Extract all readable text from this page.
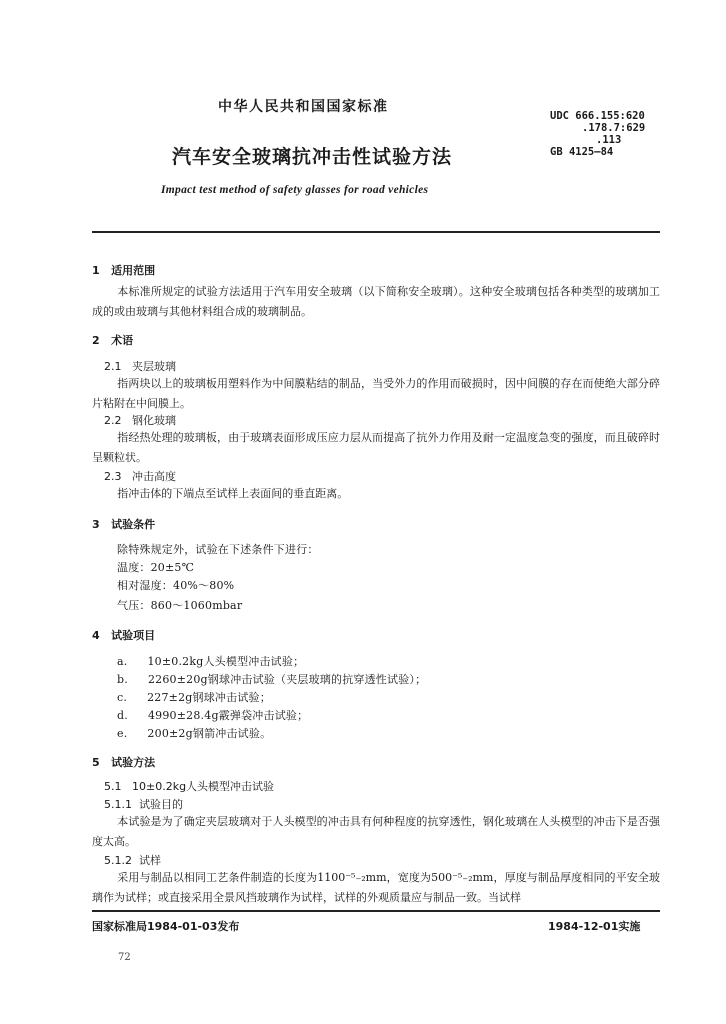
中华人民共和国国家标准
汽车安全玻璃抗冲击性试验方法
Impact test method of safety glasses for road vehicles
UDC 666.155:620
.178.7:629
.113
GB 4125—84
1 适用范围
本标准所规定的试验方法适用于汽车用安全玻璃（以下简称安全玻璃）。这种安全玻璃包括各种类型的玻璃加工成的或由玻璃与其他材料组合成的玻璃制品。
2 术语
2.1 夹层玻璃
指两块以上的玻璃板用塑料作为中间膜粘结的制品，当受外力的作用而破损时，因中间膜的存在而使绝大部分碎片粘附在中间膜上。
2.2 钢化玻璃
指经热处理的玻璃板，由于玻璃表面形成压应力层从而提高了抗外力作用及耐一定温度急变的强度，而且破碎时呈颗粒状。
2.3 冲击高度
指冲击体的下端点至试样上表面间的垂直距离。
3 试验条件
除特殊规定外，试验在下述条件下进行：
温度：20±5℃
相对湿度：40%～80%
气压：860～1060mbar
4 试验项目
a. 10±0.2kg人头模型冲击试验；
b. 2260±20g钢球冲击试验（夹层玻璃的抗穿透性试验）；
c. 227±2g钢球冲击试验；
d. 4990±28.4g霰弹袋冲击试验；
e. 200±2g钢箭冲击试验。
5 试验方法
5.1 10±0.2kg人头模型冲击试验
5.1.1 试验目的
本试验是为了确定夹层玻璃对于人头模型的冲击具有何种程度的抗穿透性，钢化玻璃在人头模型的冲击下是否强度太高。
5.1.2 试样
采用与制品以相同工艺条件制造的长度为1100⁻⁵₋₂mm，宽度为500⁻⁵₋₂mm，厚度与制品厚度相同的平安全玻璃作为试样；或直接采用全景风挡玻璃作为试样，试样的外观质量应与制品一致。当试样
国家标准局1984-01-03发布	1984-12-01实施
72
